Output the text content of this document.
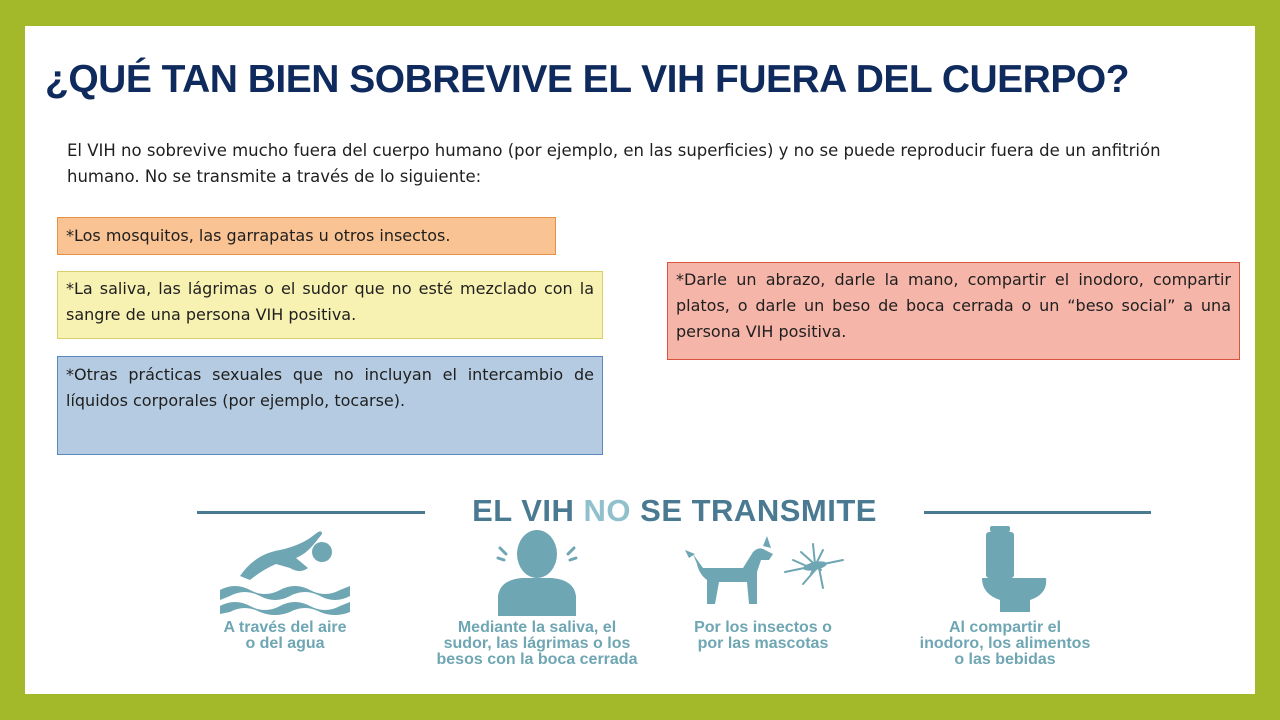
¿QUÉ TAN BIEN SOBREVIVE EL VIH FUERA DEL CUERPO?
El VIH no sobrevive mucho fuera del cuerpo humano (por ejemplo, en las superficies) y no se puede reproducir fuera de un anfitrión humano. No se transmite a través de lo siguiente:
*Los mosquitos, las garrapatas u otros insectos.
*La saliva, las lágrimas o el sudor que no esté mezclado con la sangre de una persona VIH positiva.
*Otras prácticas sexuales que no incluyan el intercambio de líquidos corporales (por ejemplo, tocarse).
*Darle un abrazo, darle la mano, compartir el inodoro, compartir platos, o darle un beso de boca cerrada o un “beso social” a una persona VIH positiva.
EL VIH NO SE TRANSMITE
A través del aire
o del agua
Mediante la saliva, el
sudor, las lágrimas o los
besos con la boca cerrada
Por los insectos o
por las mascotas
Al compartir el
inodoro, los alimentos
o las bebidas
